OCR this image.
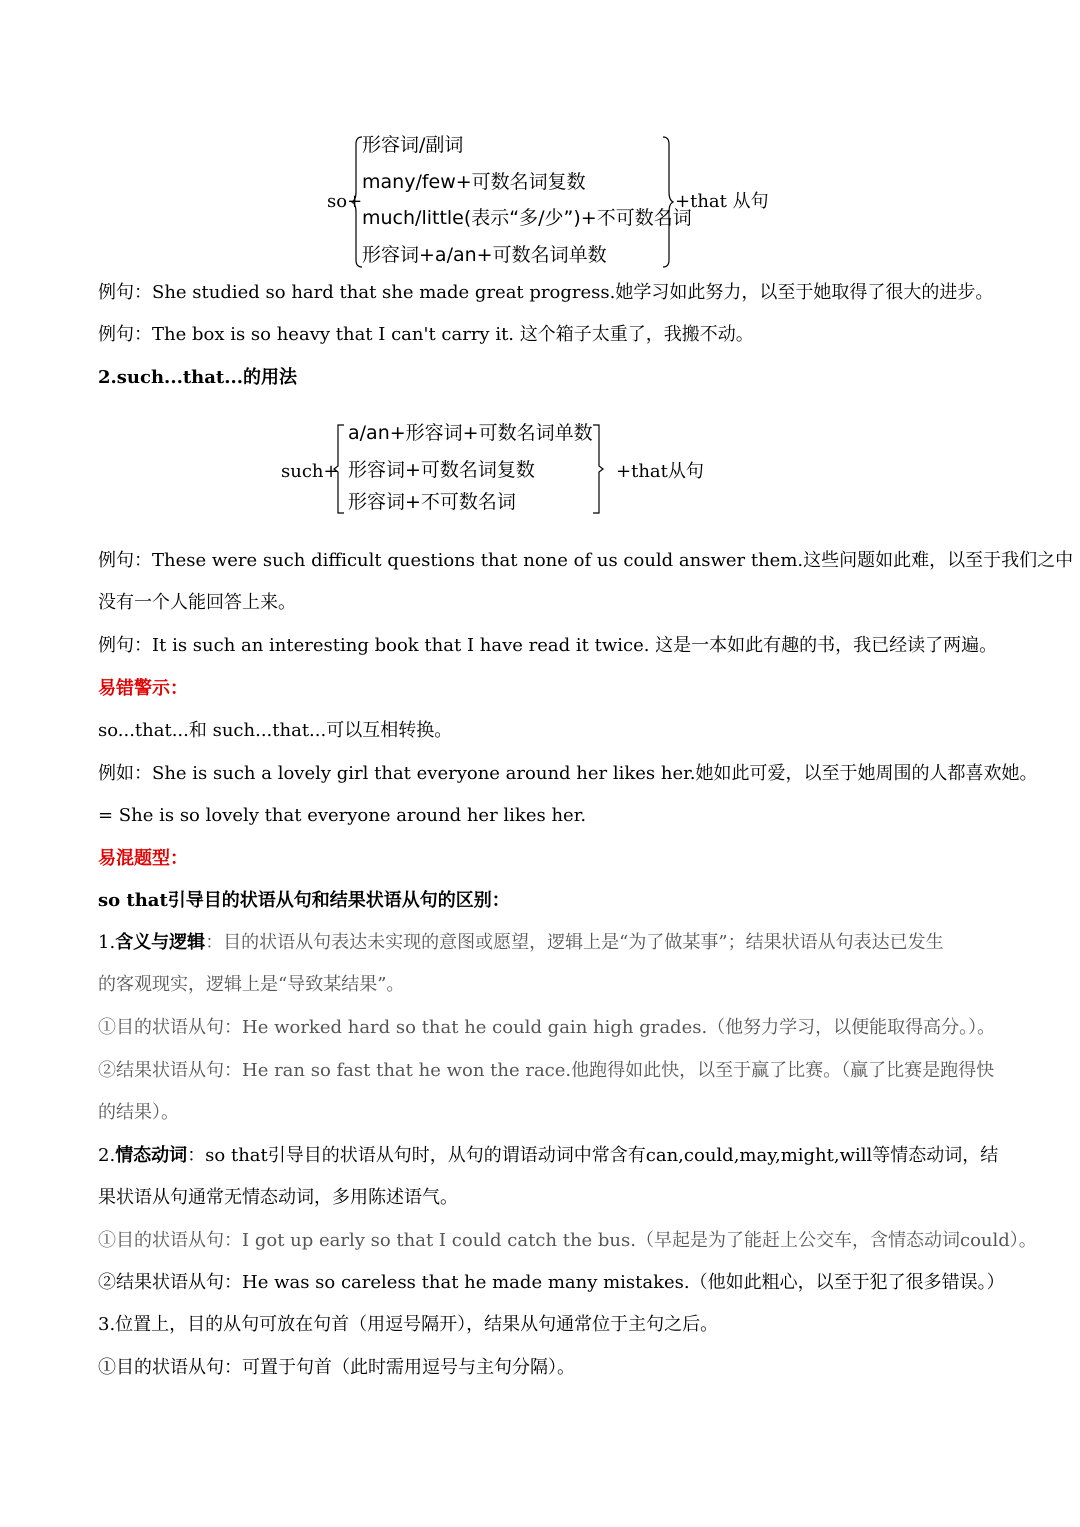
so+
形容词/副词
many/few+可数名词复数
much/little(表示“多/少”)+不可数名词
形容词+a/an+可数名词单数
+that 从句
例句：She studied so hard that she made great progress.她学习如此努力，以至于她取得了很大的进步。
例句：The box is so heavy that I can't carry it. 这个箱子太重了，我搬不动。
2.such...that...的用法
such+
a/an+形容词+可数名词单数
形容词+可数名词复数
形容词+不可数名词
+that从句
例句：These were such difficult questions that none of us could answer them.这些问题如此难，以至于我们之中
没有一个人能回答上来。
例句：It is such an interesting book that I have read it twice. 这是一本如此有趣的书，我已经读了两遍。
易错警示：
so...that...和 such...that...可以互相转换。
例如：She is such a lovely girl that everyone around her likes her.她如此可爱，以至于她周围的人都喜欢她。
= She is so lovely that everyone around her likes her.
易混题型：
so that引导目的状语从句和结果状语从句的区别：
1.含义与逻辑：目的状语从句表达未实现的意图或愿望，逻辑上是“为了做某事”；结果状语从句表达已发生
的客观现实，逻辑上是“导致某结果”。
①目的状语从句：He worked hard so that he could gain high grades.（他努力学习，以便能取得高分。）。
②结果状语从句：He ran so fast that he won the race.他跑得如此快，以至于赢了比赛。（赢了比赛是跑得快
的结果）。
2.情态动词：so that引导目的状语从句时，从句的谓语动词中常含有can,could,may,might,will等情态动词，结
果状语从句通常无情态动词，多用陈述语气。
①目的状语从句：I got up early so that I could catch the bus.（早起是为了能赶上公交车，含情态动词could）。
②结果状语从句：He was so careless that he made many mistakes.（他如此粗心，以至于犯了很多错误。）
3.位置上，目的从句可放在句首（用逗号隔开），结果从句通常位于主句之后。
①目的状语从句：可置于句首（此时需用逗号与主句分隔）。
